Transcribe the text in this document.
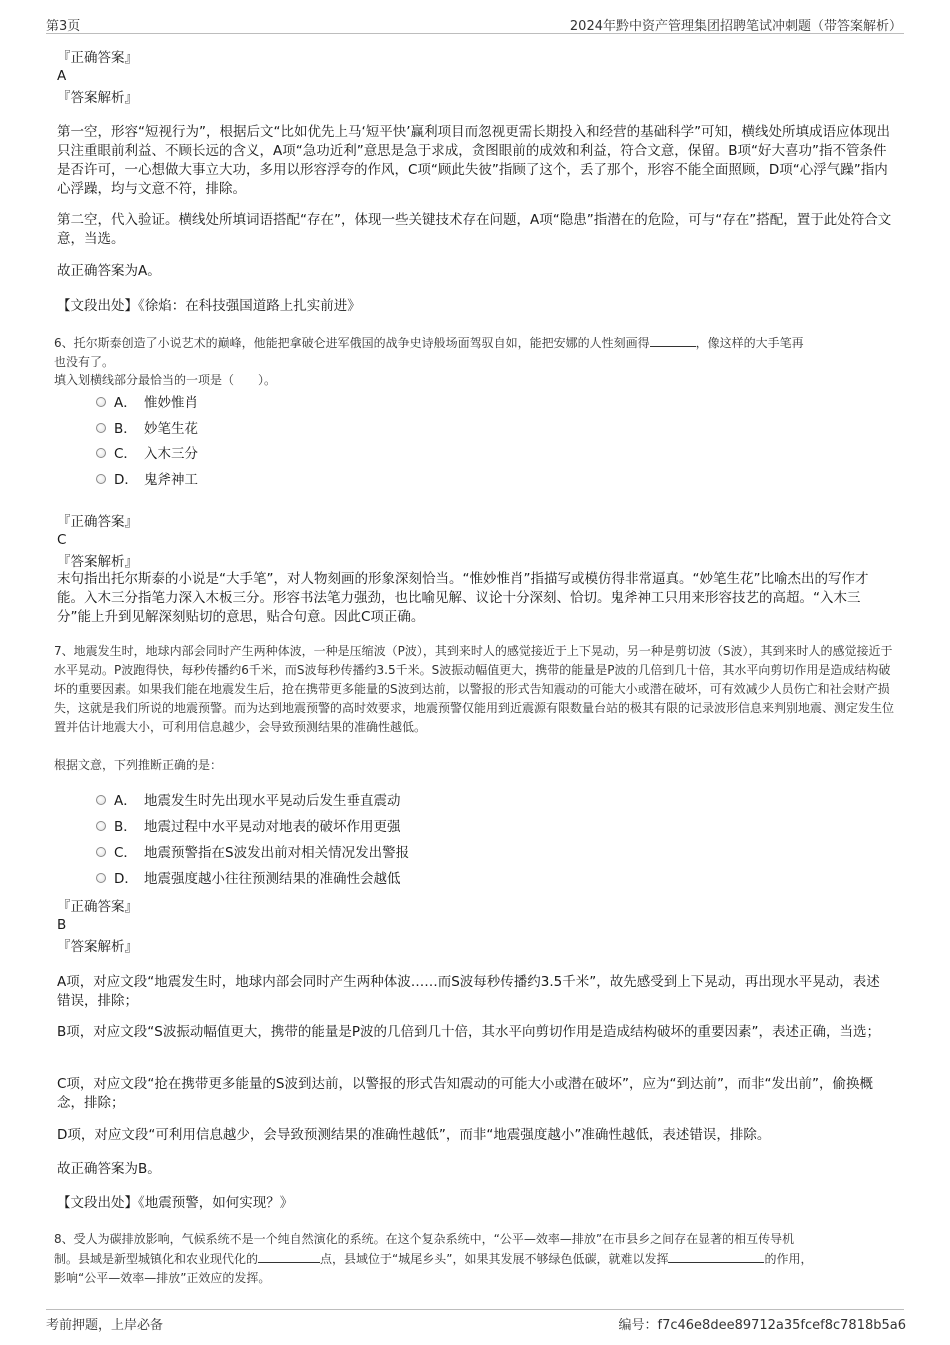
第3页	2024年黔中资产管理集团招聘笔试冲刺题（带答案解析）
『正确答案』
A
『答案解析』
第一空，形容“短视行为”，根据后文“比如优先上马‘短平快’赢利项目而忽视更需长期投入和经营的基础科学”可知，横线处所填成语应体现出只注重眼前利益、不顾长远的含义，A项“急功近利”意思是急于求成，贪图眼前的成效和利益，符合文意，保留。B项“好大喜功”指不管条件是否许可，一心想做大事立大功，多用以形容浮夸的作风，C项“顾此失彼”指顾了这个，丢了那个，形容不能全面照顾，D项“心浮气躁”指内心浮躁，均与文意不符，排除。
第二空，代入验证。横线处所填词语搭配“存在”，体现一些关键技术存在问题，A项“隐患”指潜在的危险，可与“存在”搭配，置于此处符合文意，当选。
故正确答案为A。
【文段出处】《徐焰：在科技强国道路上扎实前进》
6、托尔斯泰创造了小说艺术的巅峰，他能把拿破仑进军俄国的战争史诗般场面驾驭自如，能把安娜的人性刻画得	，像这样的大手笔再
也没有了。
填入划横线部分最恰当的一项是（　　）。
A． 惟妙惟肖
B． 妙笔生花
C． 入木三分
D． 鬼斧神工
『正确答案』
C
『答案解析』
末句指出托尔斯泰的小说是“大手笔”，对人物刻画的形象深刻恰当。“惟妙惟肖”指描写或模仿得非常逼真。“妙笔生花”比喻杰出的写作才能。入木三分指笔力深入木板三分。形容书法笔力强劲，也比喻见解、议论十分深刻、恰切。鬼斧神工只用来形容技艺的高超。“入木三分”能上升到见解深刻贴切的意思，贴合句意。因此C项正确。
7、地震发生时，地球内部会同时产生两种体波，一种是压缩波（P波），其到来时人的感觉接近于上下晃动，另一种是剪切波（S波），其到来时人的感觉接近于水平晃动。P波跑得快，每秒传播约6千米，而S波每秒传播约3.5千米。S波振动幅值更大，携带的能量是P波的几倍到几十倍，其水平向剪切作用是造成结构破坏的重要因素。如果我们能在地震发生后，抢在携带更多能量的S波到达前，以警报的形式告知震动的可能大小或潜在破坏，可有效减少人员伤亡和社会财产损失，这就是我们所说的地震预警。而为达到地震预警的高时效要求，地震预警仅能用到近震源有限数量台站的极其有限的记录波形信息来判别地震、测定发生位置并估计地震大小，可利用信息越少，会导致预测结果的准确性越低。
根据文意，下列推断正确的是：
A． 地震发生时先出现水平晃动后发生垂直震动
B． 地震过程中水平晃动对地表的破坏作用更强
C． 地震预警指在S波发出前对相关情况发出警报
D． 地震强度越小往往预测结果的准确性会越低
『正确答案』
B
『答案解析』
A项，对应文段“地震发生时，地球内部会同时产生两种体波……而S波每秒传播约3.5千米”，故先感受到上下晃动，再出现水平晃动，表述错误，排除；
B项，对应文段“S波振动幅值更大，携带的能量是P波的几倍到几十倍，其水平向剪切作用是造成结构破坏的重要因素”，表述正确，当选；
C项，对应文段“抢在携带更多能量的S波到达前，以警报的形式告知震动的可能大小或潜在破坏”，应为“到达前”，而非“发出前”，偷换概念，排除；
D项，对应文段“可利用信息越少，会导致预测结果的准确性越低”，而非“地震强度越小”准确性越低，表述错误，排除。
故正确答案为B。
【文段出处】《地震预警，如何实现？》
8、受人为碳排放影响，气候系统不是一个纯自然演化的系统。在这个复杂系统中，“公平—效率—排放”在市县乡之间存在显著的相互传导机
制。县域是新型城镇化和农业现代化的	点，县域位于“城尾乡头”，如果其发展不够绿色低碳，就难以发挥	的作用，
影响“公平—效率—排放”正效应的发挥。
考前押题，上岸必备	编号：f7c46e8dee89712a35fcef8c7818b5a6
